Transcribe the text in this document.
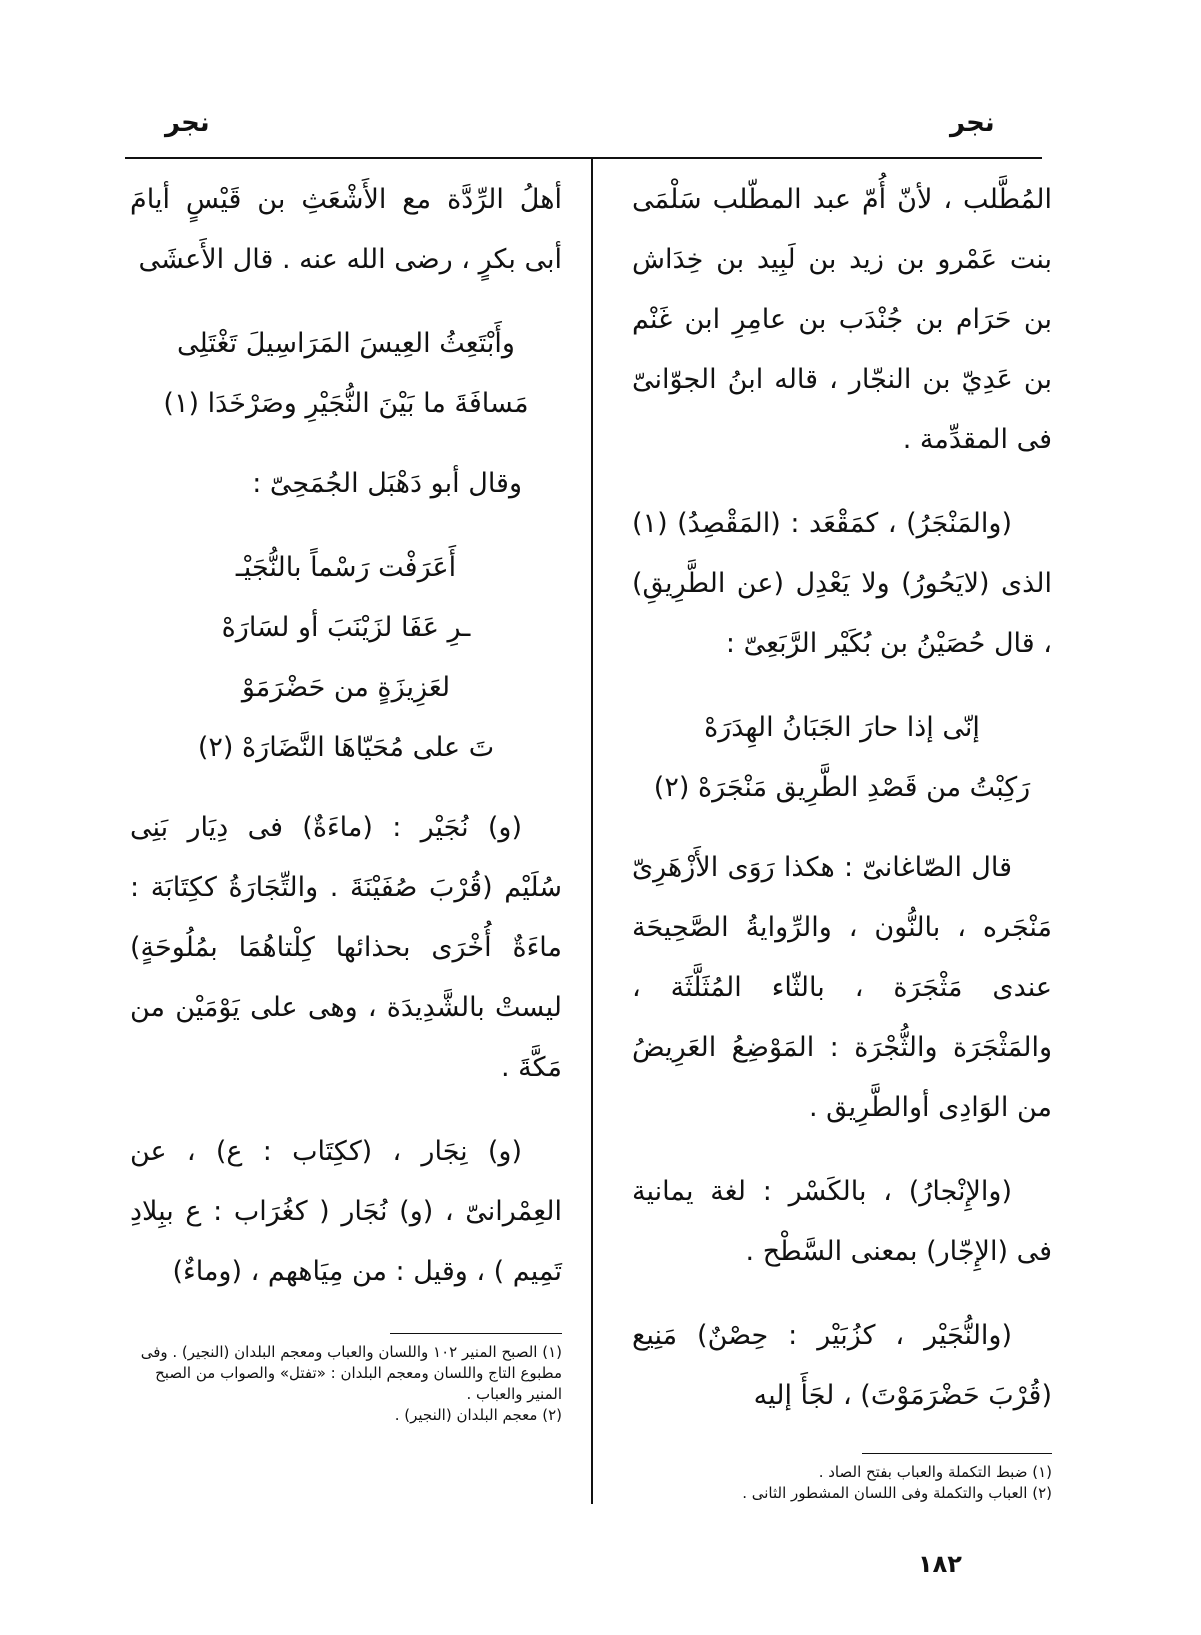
نجر	نجر

المُطَّلب ، لأنّ أُمّ عبد المطّلب سَلْمَى بنت عَمْرو بن زيد بن لَبِيد بن خِدَاش بن حَرَام بن جُنْدَب بن عامِرِ ابن غَنْم بن عَدِيّ بن النجّار ، قاله ابنُ الجوّانىّ فى المقدِّمة .

(والمَنْجَرُ) ، كمَقْعَد : (المَقْصِدُ) (١) الذى (لايَحُورُ) ولا يَعْدِل (عن الطَّرِيقِ) ، قال حُصَيْنُ بن بُكَيْر الرَّبَعِىّ :

إنّى إذا حارَ الجَبَانُ الهِدَرَهْ
رَكِبْتُ من قَصْدِ الطَّرِيق مَنْجَرَهْ (٢)

قال الصّاغانىّ : هكذا رَوَى الأَزْهَرِىّ مَنْجَره ، بالنُّون ، والرِّوايةُ الصَّحِيحَة عندى مَثْجَرَة ، بالثّاء المُثَلَّثَة ، والمَثْجَرَة والثُّجْرَة : المَوْضِعُ العَرِيضُ من الوَادِى أوالطَّرِيق .

(والإِنْجارُ) ، بالكَسْر : لغة يمانية فى (الإِجّار) بمعنى السَّطْح .

(والنُّجَيْر ، كزُبَيْر : حِصْنٌ) مَنِيع (قُرْبَ حَضْرَمَوْتَ) ، لجَأَ إليه

أهلُ الرِّدَّة مع الأَشْعَثِ بن قَيْسٍ أيامَ أبى بكرٍ ، رضى الله عنه . قال الأَعشَى

وأَبْتَعِثُ العِيسَ المَرَاسِيلَ تَغْتَلِى
مَسافَةَ ما بَيْنَ النُّجَيْرِ وصَرْخَدَا (١)

وقال أبو دَهْبَل الجُمَحِىّ :

أَعَرَفْت رَسْماً بالنُّجَيْـ
ـرِ عَفَا لزَيْنَبَ أو لسَارَهْ
لعَزِيزَةٍ من حَضْرَمَوْ
تَ على مُحَيّاهَا النَّضَارَهْ (٢)

(و) نُجَيْر : (ماءَةٌ) فى دِيَار بَنِى سُلَيْم (قُرْبَ صُفَيْنَةَ . والتِّجَارَةُ ككِتَابَة : ماءَةٌ أُخْرَى بحذائها كِلْتاهُمَا بمُلُوحَةٍ) ليستْ بالشَّدِيدَة ، وهى على يَوْمَيْن من مَكَّةَ .

(و) نِجَار ، (ككِتَاب : ع) ، عن العِمْرانىّ ، (و) نُجَار ( كغُرَاب : ع ببِلادِ تَمِيم ) ، وقيل : من مِيَاههم ، (وماءٌ)

(١) ضبط التكملة والعباب بفتح الصاد .
(٢) العباب والتكملة وفى اللسان المشطور الثانى .
(١) الصبح المنير ١٠٢ واللسان والعباب ومعجم البلدان (النجير) . وفى مطبوع التاج واللسان ومعجم البلدان : «تفتل» والصواب من الصبح المنير والعباب .
(٢) معجم البلدان (النجير) .
١٨٢
